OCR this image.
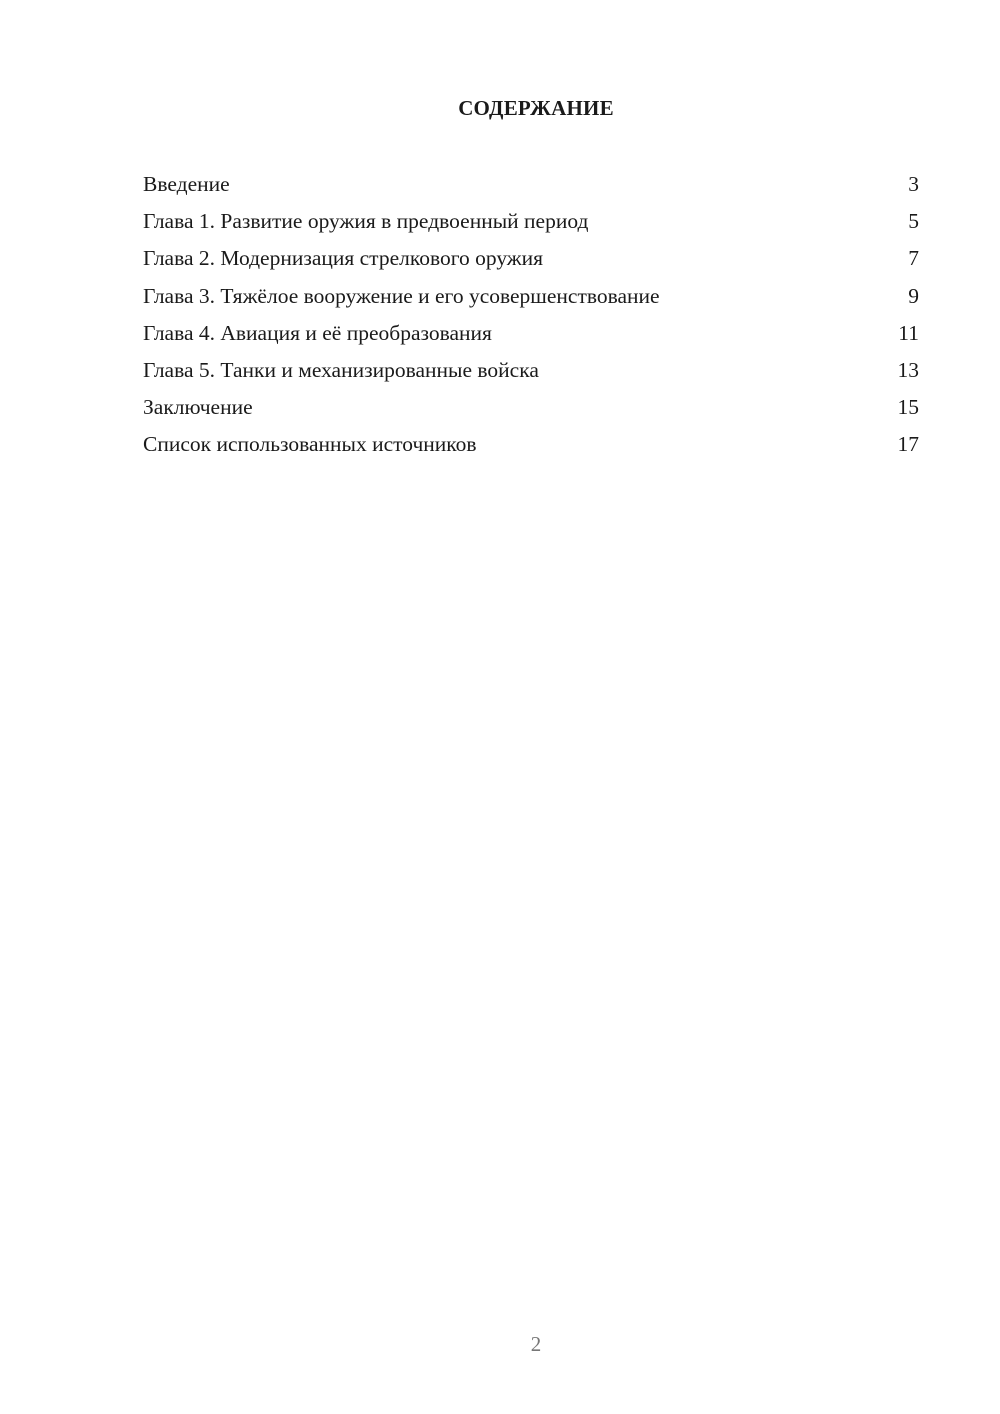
СОДЕРЖАНИЕ
Введение	3
Глава 1. Развитие оружия в предвоенный период	5
Глава 2. Модернизация стрелкового оружия	7
Глава 3. Тяжёлое вооружение и его усовершенствование	9
Глава 4. Авиация и её преобразования	11
Глава 5. Танки и механизированные войска	13
Заключение	15
Список использованных источников	17
2
